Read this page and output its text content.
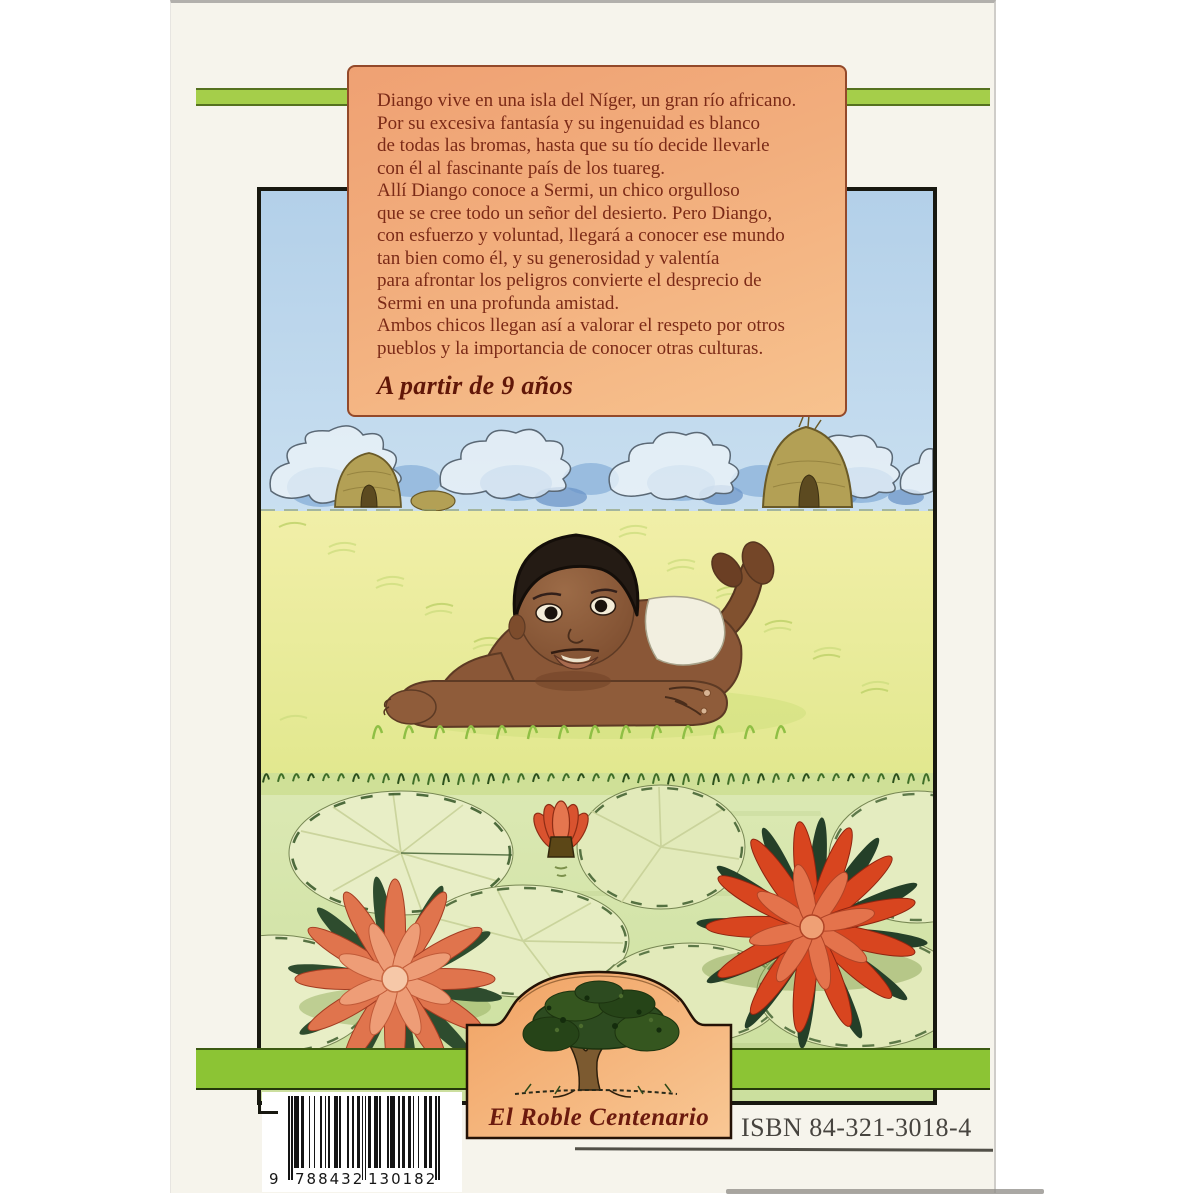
Diango vive en una isla del Níger, un gran río africano.
Por su excesiva fantasía y su ingenuidad es blanco
de todas las bromas, hasta que su tío decide llevarle
con él al fascinante país de los tuareg.
Allí Diango conoce a Sermi, un chico orgulloso
que se cree todo un señor del desierto. Pero Diango,
con esfuerzo y voluntad, llegará a conocer ese mundo
tan bien como él, y su generosidad y valentía
para afrontar los peligros convierte el desprecio de
Sermi en una profunda amistad.
Ambos chicos llegan así a valorar el respeto por otros
pueblos y la importancia de conocer otras culturas.
A partir de 9 años
El Roble Centenario ISBN 84-321-3018-4
9 788432 130182
